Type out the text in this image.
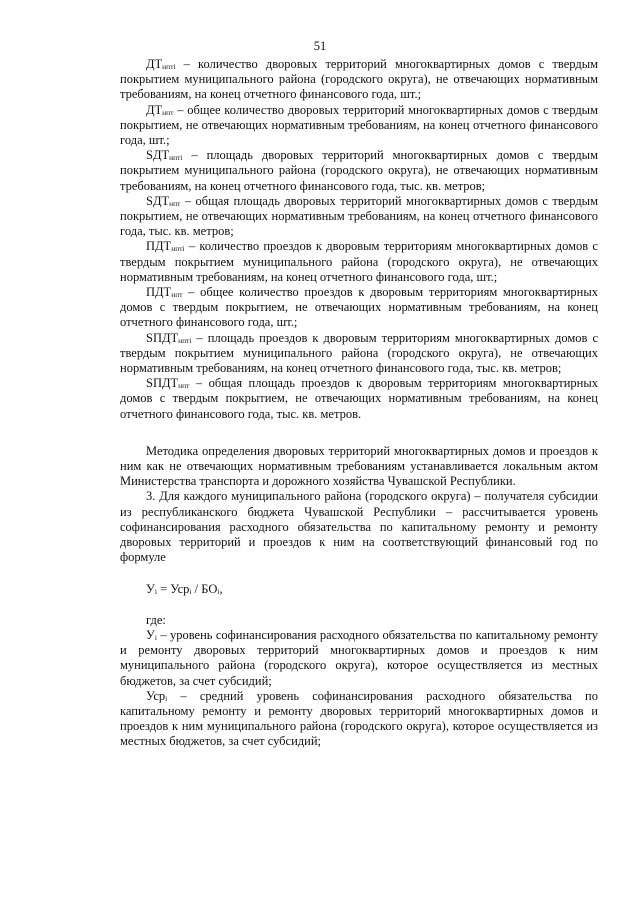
51

$ДТ_{нптi}$ – количество дворовых территорий многоквартирных домов с твердым покрытием муниципального района (городского округа), не отвечающих нормативным требованиям, на конец отчетного финансового года, шт.;

$ДТ_{нпт}$ – общее количество дворовых территорий многоквартирных домов с твердым покрытием, не отвечающих нормативным требованиям, на конец отчетного финансового года, шт.;

$SДТ_{нптi}$ – площадь дворовых территорий многоквартирных домов с твердым покрытием муниципального района (городского округа), не отвечающих нормативным требованиям, на конец отчетного финансового года, тыс. кв. метров;

$SДТ_{нпт}$ – общая площадь дворовых территорий многоквартирных домов с твердым покрытием, не отвечающих нормативным требованиям, на конец отчетного финансового года, тыс. кв. метров;

$ПДТ_{нптi}$ – количество проездов к дворовым территориям многоквартирных домов с твердым покрытием муниципального района (городского округа), не отвечающих нормативным требованиям, на конец отчетного финансового года, шт.;

$ПДТ_{нпт}$ – общее количество проездов к дворовым территориям многоквартирных домов с твердым покрытием, не отвечающих нормативным требованиям, на конец отчетного финансового года, шт.;

$SПДТ_{нптi}$ – площадь проездов к дворовым территориям многоквартирных домов с твердым покрытием муниципального района (городского округа), не отвечающих нормативным требованиям, на конец отчетного финансового года, тыс. кв. метров;

$SПДТ_{нпт}$ – общая площадь проездов к дворовым территориям многоквартирных домов с твердым покрытием, не отвечающих нормативным требованиям, на конец отчетного финансового года, тыс. кв. метров.

Методика определения дворовых территорий многоквартирных домов и проездов к ним как не отвечающих нормативным требованиям устанавливается локальным актом Министерства транспорта и дорожного хозяйства Чувашской Республики.

3. Для каждого муниципального района (городского округа) – получателя субсидии из республиканского бюджета Чувашской Республики – рассчитывается уровень софинансирования расходного обязательства по капитальному ремонту и ремонту дворовых территорий и проездов к ним на соответствующий финансовый год по формуле

$У_i = Уср_i / БО_i$,

где:

$У_i$ – уровень софинансирования расходного обязательства по капитальному ремонту и ремонту дворовых территорий многоквартирных домов и проездов к ним муниципального района (городского округа), которое осуществляется из местных бюджетов, за счет субсидий;

Уср$_i$ – средний уровень софинансирования расходного обязательства по капитальному ремонту и ремонту дворовых территорий многоквартирных домов и проездов к ним муниципального района (городского округа), которое осуществляется из местных бюджетов, за счет субсидий;
